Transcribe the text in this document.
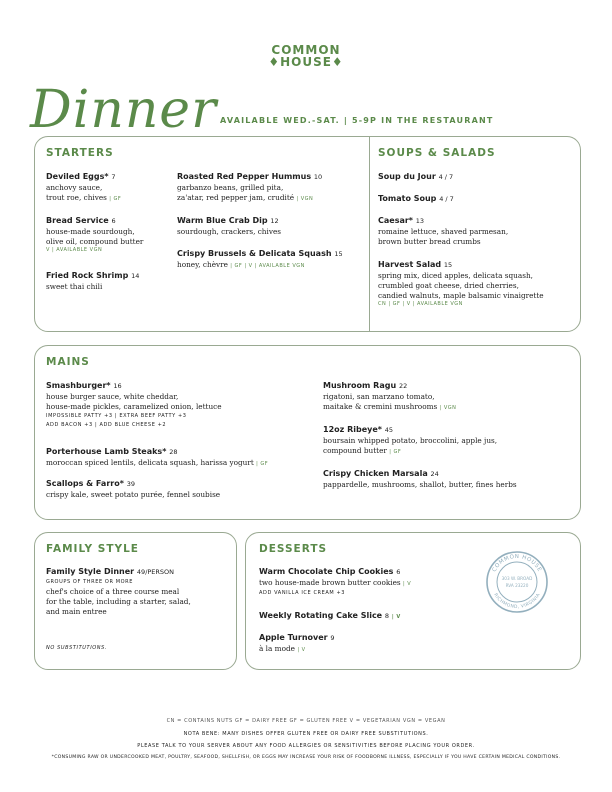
COMMON
♦HOUSE♦
Dinner AVAILABLE WED.-SAT. | 5-9P IN THE RESTAURANT
STARTERS
Deviled Eggs* 7
anchovy sauce,
trout roe, chives | GF
Bread Service 6
house-made sourdough,
olive oil, compound butter
V | AVAILABLE VGN
Fried Rock Shrimp 14
sweet thai chili
Roasted Red Pepper Hummus 10
garbanzo beans, grilled pita,
za'atar, red pepper jam, crudité | VGN
Warm Blue Crab Dip 12
sourdough, crackers, chives
Crispy Brussels & Delicata Squash 15
honey, chèvre | GF | V | AVAILABLE VGN
SOUPS & SALADS
Soup du Jour 4 / 7
Tomato Soup 4 / 7
Caesar* 13
romaine lettuce, shaved parmesan,
brown butter bread crumbs
Harvest Salad 15
spring mix, diced apples, delicata squash,
crumbled goat cheese, dried cherries,
candied walnuts, maple balsamic vinaigrette
CN | GF | V | AVAILABLE VGN
MAINS
Smashburger* 16
house burger sauce, white cheddar,
house-made pickles, caramelized onion, lettuce
IMPOSSIBLE PATTY +3 | EXTRA BEEF PATTY +3
ADD BACON +3 | ADD BLUE CHEESE +2
Porterhouse Lamb Steaks* 28
moroccan spiced lentils, delicata squash, harissa yogurt | GF
Scallops & Farro* 39
crispy kale, sweet potato purée, fennel soubise
Mushroom Ragu 22
rigatoni, san marzano tomato,
maitake & cremini mushrooms | VGN
12oz Ribeye* 45
boursain whipped potato, broccolini, apple jus,
compound butter | GF
Crispy Chicken Marsala 24
pappardelle, mushrooms, shallot, butter, fines herbs
FAMILY STYLE
Family Style Dinner 49/PERSON
GROUPS OF THREE OR MORE
chef's choice of a three course meal
for the table, including a starter, salad,
and main entree
NO SUBSTITUTIONS.
DESSERTS
Warm Chocolate Chip Cookies 6
two house-made brown butter cookies | V
ADD VANILLA ICE CREAM +3
Weekly Rotating Cake Slice 8 | V
Apple Turnover 9
à la mode | V
COMMON HOUSE
RICHMOND, VIRGINIA
303 W. BROAD
RVA 23220
CN = CONTAINS NUTS GF = DAIRY FREE GF = GLUTEN FREE V = VEGETARIAN VGN = VEGAN
NOTA BENE: MANY DISHES OFFER GLUTEN FREE OR DAIRY FREE SUBSTITUTIONS.
PLEASE TALK TO YOUR SERVER ABOUT ANY FOOD ALLERGIES OR SENSITIVITIES BEFORE PLACING YOUR ORDER.
*CONSUMING RAW OR UNDERCOOKED MEAT, POULTRY, SEAFOOD, SHELLFISH, OR EGGS MAY INCREASE YOUR RISK OF FOODBORNE ILLNESS, ESPECIALLY IF YOU HAVE CERTAIN MEDICAL CONDITIONS.
